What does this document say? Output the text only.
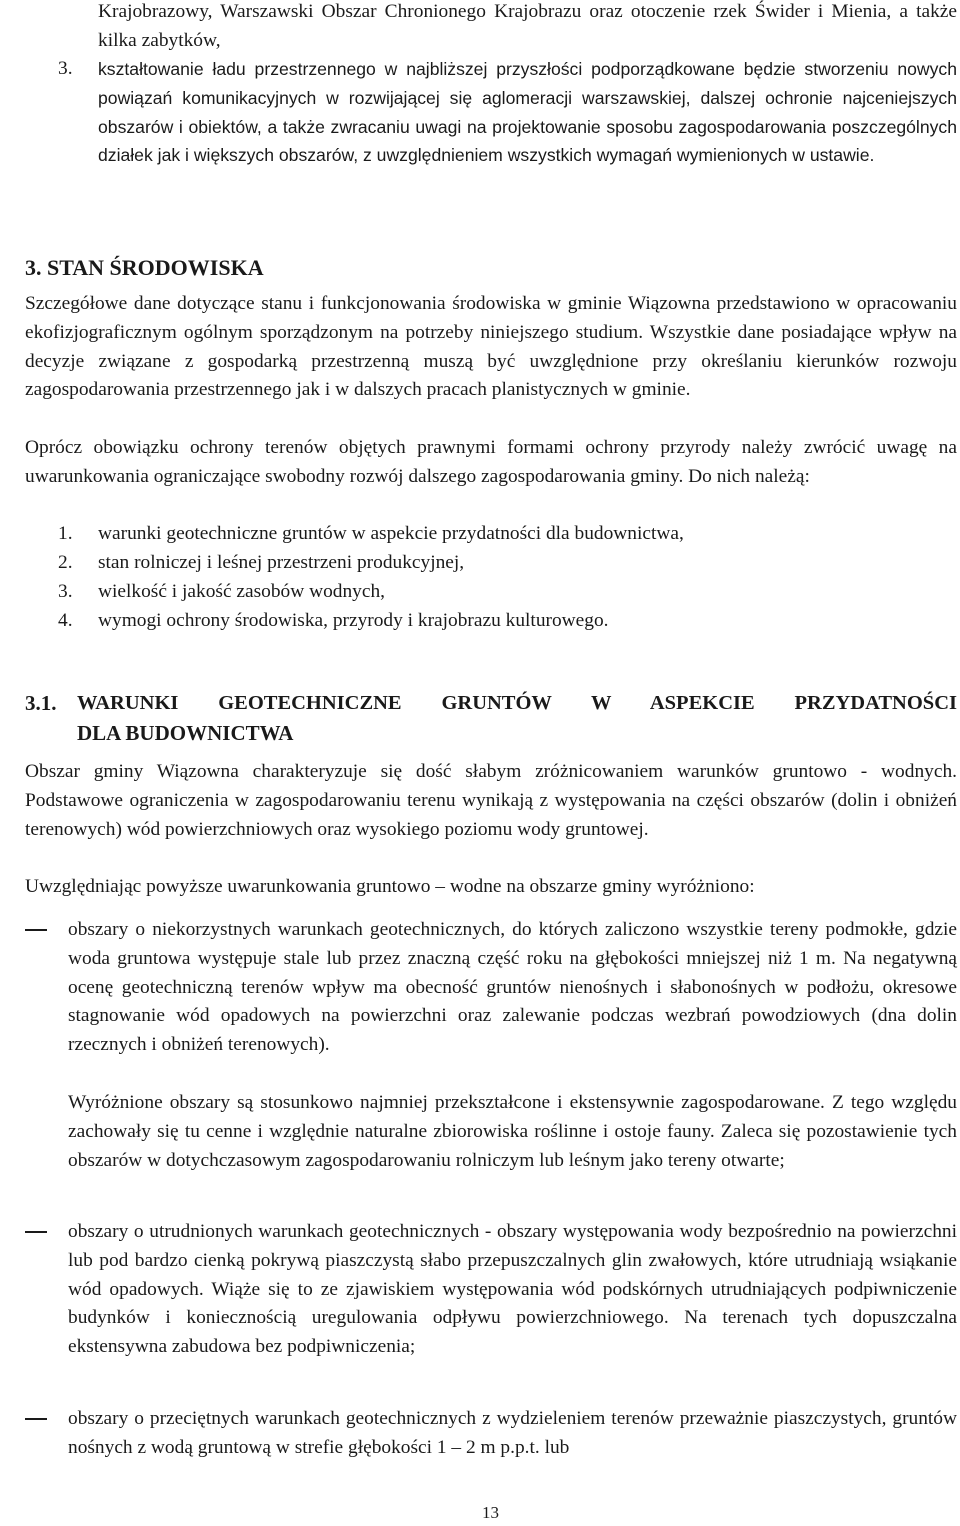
Krajobrazowy, Warszawski Obszar Chronionego Krajobrazu oraz otoczenie rzek Świder i Mienia, a także kilka zabytków,

3. kształtowanie ładu przestrzennego w najbliższej przyszłości podporządkowane będzie stworzeniu nowych powiązań komunikacyjnych w rozwijającej się aglomeracji warszawskiej, dalszej ochronie najceniejszych obszarów i obiektów, a także zwracaniu uwagi na projektowanie sposobu zagospodarowania poszczególnych działek jak i większych obszarów, z uwzględnieniem wszystkich wymagań wymienionych w ustawie.

3. STAN ŚRODOWISKA

Szczegółowe dane dotyczące stanu i funkcjonowania środowiska w gminie Wiązowna przedstawiono w opracowaniu ekofizjograficznym ogólnym sporządzonym na potrzeby niniejszego studium. Wszystkie dane posiadające wpływ na decyzje związane z gospodarką przestrzenną muszą być uwzględnione przy określaniu kierunków rozwoju zagospodarowania przestrzennego jak i w dalszych pracach planistycznych w gminie.

Oprócz obowiązku ochrony terenów objętych prawnymi formami ochrony przyrody należy zwrócić uwagę na uwarunkowania ograniczające swobodny rozwój dalszego zagospodarowania gminy. Do nich należą:

1. warunki geotechniczne gruntów w aspekcie przydatności dla budownictwa,
2. stan rolniczej i leśnej przestrzeni produkcyjnej,
3. wielkość i jakość zasobów wodnych,
4. wymogi ochrony środowiska, przyrody i krajobrazu kulturowego.
3.1. WARUNKI GEOTECHNICZNE GRUNTÓW W ASPEKCIE PRZYDATNOŚCI
DLA BUDOWNICTWA

Obszar gminy Wiązowna charakteryzuje się dość słabym zróżnicowaniem warunków gruntowo - wodnych. Podstawowe ograniczenia w zagospodarowaniu terenu wynikają z występowania na części obszarów (dolin i obniżeń terenowych) wód powierzchniowych oraz wysokiego poziomu wody gruntowej.

Uwzględniając powyższe uwarunkowania gruntowo – wodne na obszarze gminy wyróżniono:

obszary o niekorzystnych warunkach geotechnicznych, do których zaliczono wszystkie tereny podmokłe, gdzie woda gruntowa występuje stale lub przez znaczną część roku na głębokości mniejszej niż 1 m. Na negatywną ocenę geotechniczną terenów wpływ ma obecność gruntów nienośnych i słabonośnych w podłożu, okresowe stagnowanie wód opadowych na powierzchni oraz zalewanie podczas wezbrań powodziowych (dna dolin rzecznych i obniżeń terenowych).

Wyróżnione obszary są stosunkowo najmniej przekształcone i ekstensywnie zagospodarowane. Z tego względu zachowały się tu cenne i względnie naturalne zbiorowiska roślinne i ostoje fauny. Zaleca się pozostawienie tych obszarów w dotychczasowym zagospodarowaniu rolniczym lub leśnym jako tereny otwarte;

obszary o utrudnionych warunkach geotechnicznych - obszary występowania wody bezpośrednio na powierzchni lub pod bardzo cienką pokrywą piaszczystą słabo przepuszczalnych glin zwałowych, które utrudniają wsiąkanie wód opadowych. Wiąże się to ze zjawiskiem występowania wód podskórnych utrudniających podpiwniczenie budynków i koniecznością uregulowania odpływu powierzchniowego. Na terenach tych dopuszczalna ekstensywna zabudowa bez podpiwniczenia;

obszary o przeciętnych warunkach geotechnicznych z wydzieleniem terenów przeważnie piaszczystych, gruntów nośnych z wodą gruntową w strefie głębokości 1 – 2 m p.p.t. lub

13
